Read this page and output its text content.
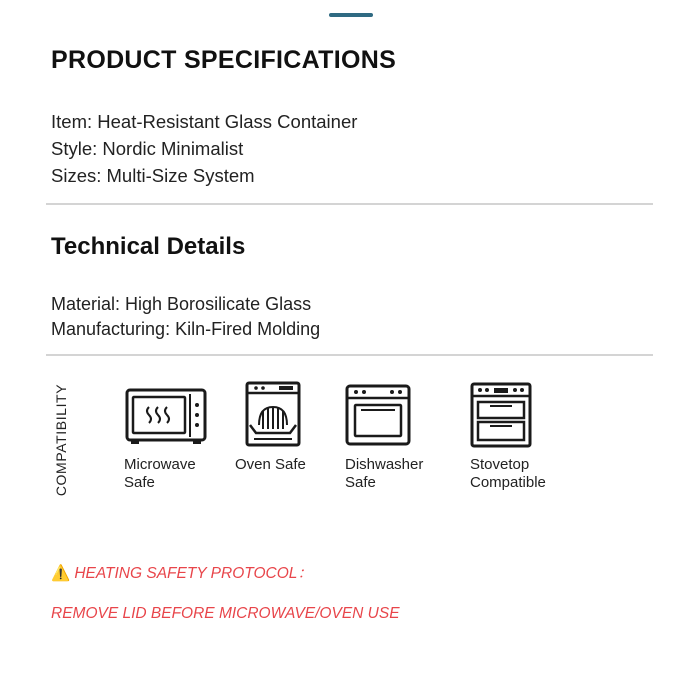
PRODUCT SPECIFICATIONS
Item: Heat-Resistant Glass Container
Style: Nordic Minimalist
Sizes: Multi-Size System
Technical Details
Material: High Borosilicate Glass
Manufacturing: Kiln-Fired Molding
COMPATIBILITY	Microwave
Safe
Oven Safe	Dishwasher
Safe
Stovetop
Compatible
⚠️ HEATING SAFETY PROTOCOL：
REMOVE LID BEFORE MICROWAVE/OVEN USE
